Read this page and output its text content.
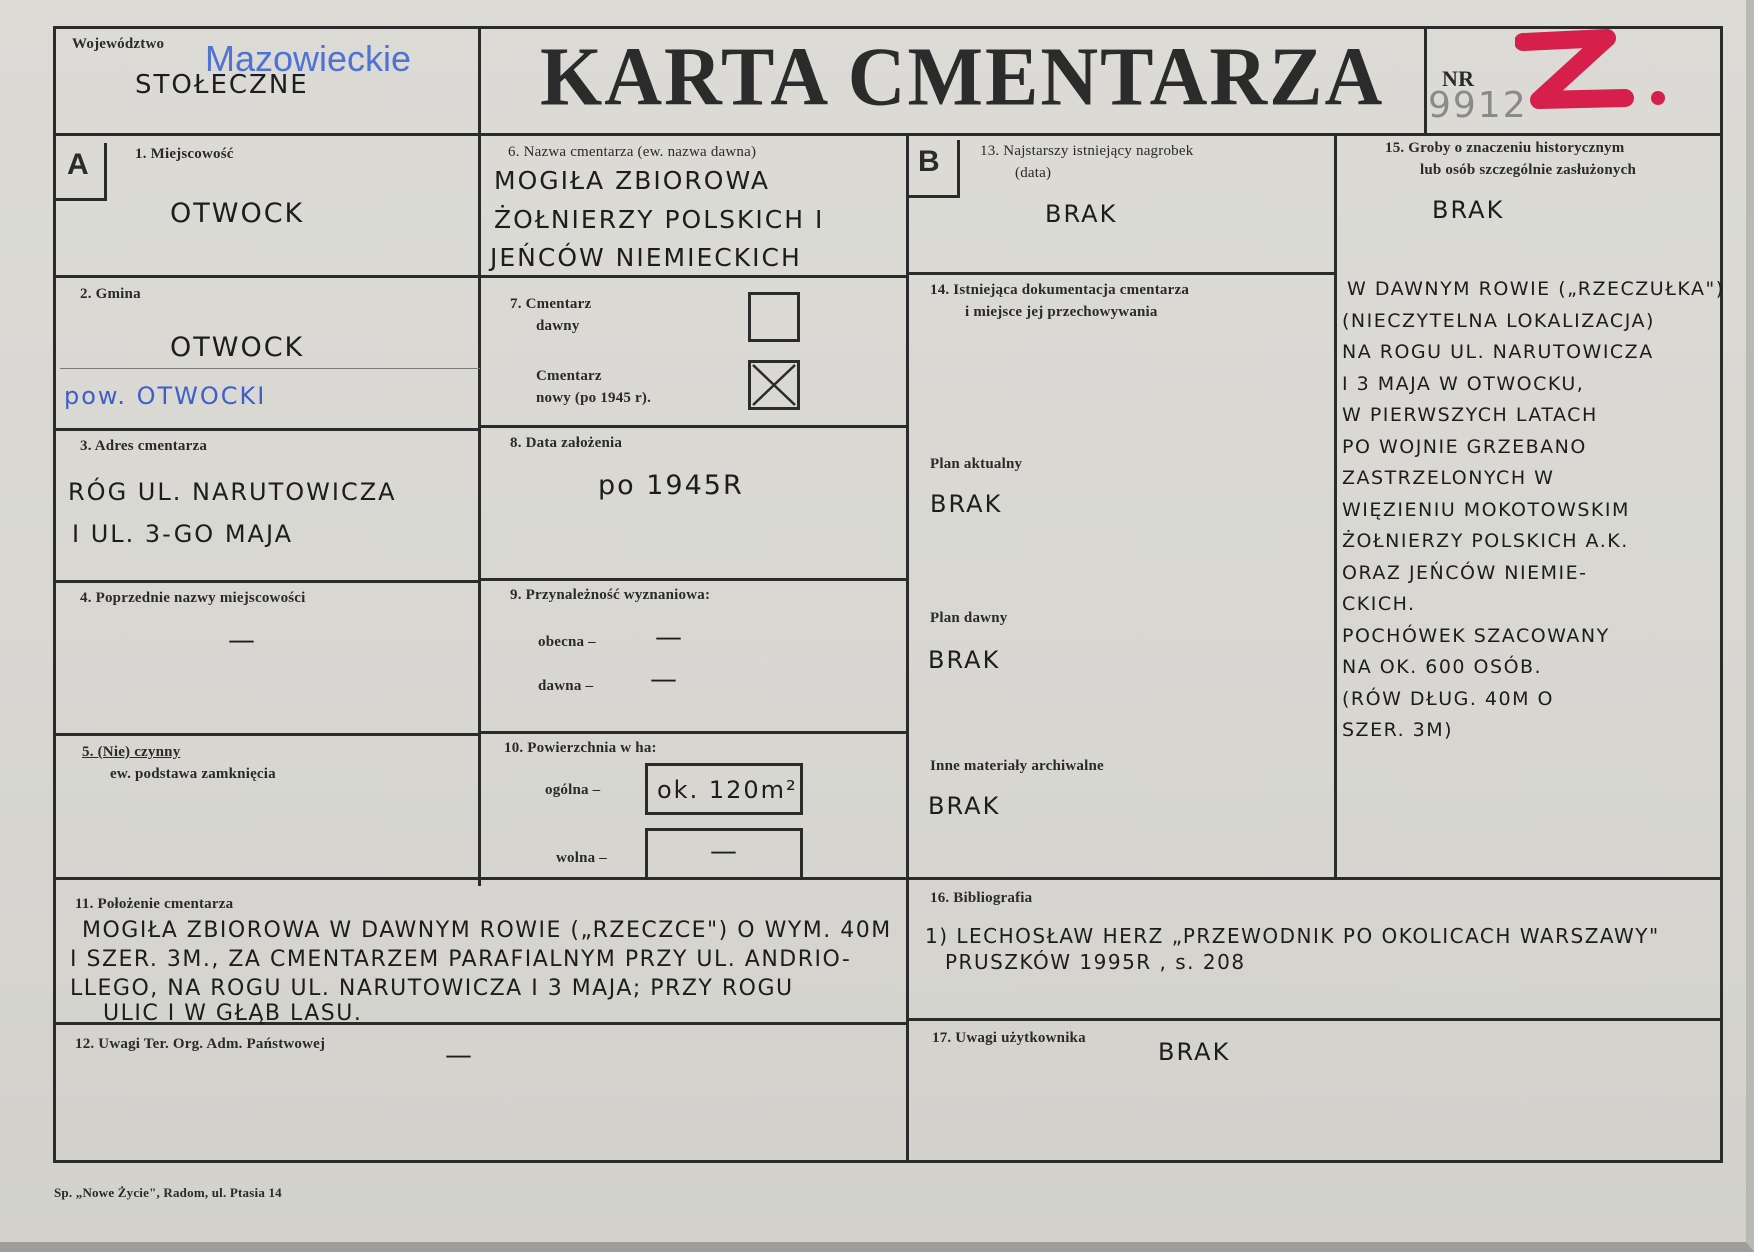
Województwo Mazowieckie
STOŁECZNE	KARTA CMENTARZA	NR
9912
A	B
1. Miejscowość
OTWOCK
2. Gmina
OTWOCK
pow. OTWOCKI
3. Adres cmentarza
RÓG UL. NARUTOWICZA
I UL. 3-GO MAJA
4. Poprzednie nazwy miejscowości
—
5. (Nie) czynny
ew. podstawa zamknięcia
6. Nazwa cmentarza (ew. nazwa dawna)
MOGIŁA ZBIOROWA
ŻOŁNIERZY POLSKICH I
JEŃCÓW NIEMIECKICH
7. Cmentarz
dawny
Cmentarz
nowy (po 1945 r).
8. Data założenia
po 1945R
9. Przynależność wyznaniowa:
obecna – —
dawna – —
10. Powierzchnia w ha:
ogólna – ok. 120m²
wolna –	—
13. Najstarszy istniejący nagrobek
(data)
BRAK
14. Istniejąca dokumentacja cmentarza
i miejsce jej przechowywania
Plan aktualny
BRAK
Plan dawny
BRAK
Inne materiały archiwalne
BRAK
15. Groby o znaczeniu historycznym
lub osób szczególnie zasłużonych
BRAK
W DAWNYM ROWIE („RZECZUŁKA")
(NIECZYTELNA LOKALIZACJA)
NA ROGU UL. NARUTOWICZA
I 3 MAJA W OTWOCKU,
W PIERWSZYCH LATACH
PO WOJNIE GRZEBANO
ZASTRZELONYCH W
WIĘZIENIU MOKOTOWSKIM
ŻOŁNIERZY POLSKICH A.K.
ORAZ JEŃCÓW NIEMIE-
CKICH.
POCHÓWEK SZACOWANY
NA OK. 600 OSÓB.
(RÓW DŁUG. 40M O
SZER. 3M)
11. Położenie cmentarza
MOGIŁA ZBIOROWA W DAWNYM ROWIE („RZECZCE") O WYM. 40M
I SZER. 3M., ZA CMENTARZEM PARAFIALNYM PRZY UL. ANDRIO-
LLEGO, NA ROGU UL. NARUTOWICZA I 3 MAJA; PRZY ROGU
ULIC I W GŁĄB LASU.
12. Uwagi Ter. Org. Adm. Państwowej	—
16. Bibliografia
1) LECHOSŁAW HERZ „PRZEWODNIK PO OKOLICACH WARSZAWY"
PRUSZKÓW 1995R , s. 208
17. Uwagi użytkownika	BRAK
Sp. „Nowe Życie", Radom, ul. Ptasia 14
